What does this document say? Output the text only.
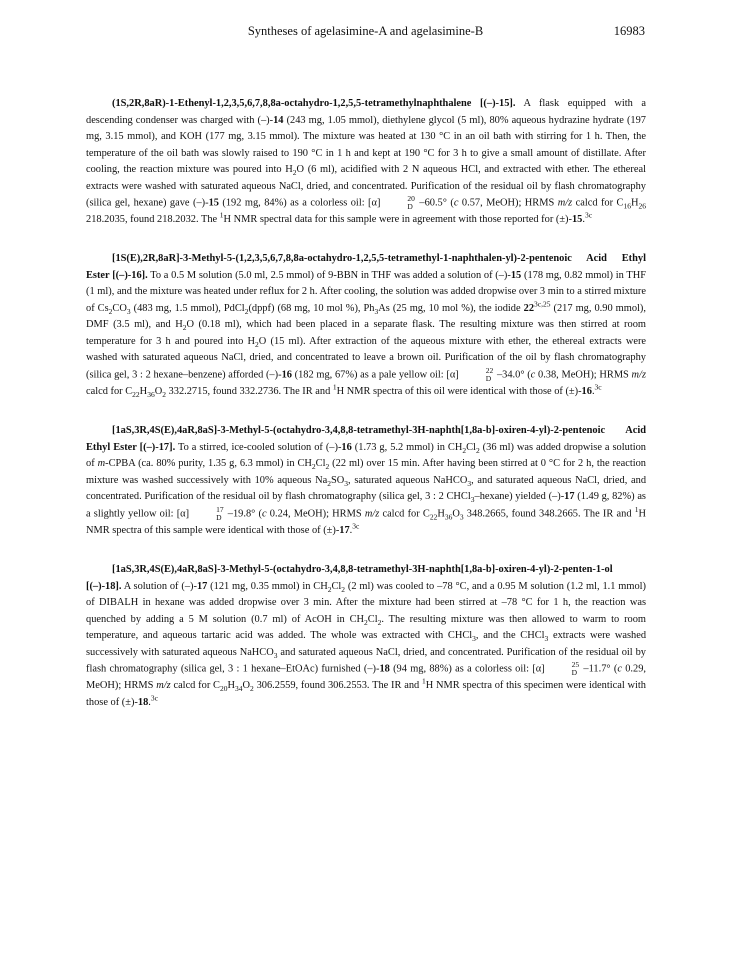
Syntheses of agelasimine-A and agelasimine-B	16983

(1S,2R,8aR)-1-Ethenyl-1,2,3,5,6,7,8,8a-octahydro-1,2,5,5-tetramethylnaphthalene [(–)-15]. A flask equipped with a descending condenser was charged with (–)-14 (243 mg, 1.05 mmol), diethylene glycol (5 ml), 80% aqueous hydrazine hydrate (197 mg, 3.15 mmol), and KOH (177 mg, 3.15 mmol). The mixture was heated at 130 °C in an oil bath with stirring for 1 h. Then, the temperature of the oil bath was slowly raised to 190 °C in 1 h and kept at 190 °C for 3 h to give a small amount of distillate. After cooling, the reaction mixture was poured into $H_2O$ (6 ml), acidified with 2 N aqueous HCl, and extracted with ether. The ethereal extracts were washed with saturated aqueous NaCl, dried, and concentrated. Purification of the residual oil by flash chromatography (silica gel, hexane) gave (–)-15 (192 mg, 84%) as a colorless oil: [α]	20
D –60.5° (c 0.57, MeOH); HRMS m/z calcd for $C_{16}H_{26}$ 218.2035, found 218.2032. The $^1$H NMR spectral data for this sample were in agreement with those reported for (±)-15.$^{3c}$

[1S(E),2R,8aR]-3-Methyl-5-(1,2,3,5,6,7,8,8a-octahydro-1,2,5,5-tetramethyl-1-naphthalen-yl)-2-pentenoic Acid Ethyl Ester [(–)-16]. To a 0.5 M solution (5.0 ml, 2.5 mmol) of 9-BBN in THF was added a solution of (–)-15 (178 mg, 0.82 mmol) in THF (1 ml), and the mixture was heated under reflux for 2 h. After cooling, the solution was added dropwise over 3 min to a stirred mixture of $Cs_2CO_3$ (483 mg, 1.5 mmol), PdCl$_2$(dppf) (68 mg, 10 mol %), $Ph_3As$ (25 mg, 10 mol %), the iodide $22^{3c,25}$ (217 mg, 0.90 mmol), DMF (3.5 ml), and $H_2O$ (0.18 ml), which had been placed in a separate flask. The resulting mixture was then stirred at room temperature for 3 h and poured into $H_2O$ (15 ml). After extraction of the aqueous mixture with ether, the ethereal extracts were washed with saturated aqueous NaCl, dried, and concentrated to leave a brown oil. Purification of the oil by flash chromatography (silica gel, 3 : 2 hexane–benzene) afforded (–)-16 (182 mg, 67%) as a pale yellow oil: [α]	22
D –34.0° (c 0.38, MeOH); HRMS m/z calcd for $C_{22}H_{36}O_2$ 332.2715, found 332.2736. The IR and $^1$H NMR spectra of this oil were identical with those of (±)-16.$^{3c}$

[1aS,3R,4S(E),4aR,8aS]-3-Methyl-5-(octahydro-3,4,8,8-tetramethyl-3H-naphth[1,8a-b]-oxiren-4-yl)-2-pentenoic Acid Ethyl Ester [(–)-17]. To a stirred, ice-cooled solution of (–)-16 (1.73 g, 5.2 mmol) in $CH_2Cl_2$ (36 ml) was added dropwise a solution of m-CPBA (ca. 80% purity, 1.35 g, 6.3 mmol) in $CH_2Cl_2$ (22 ml) over 15 min. After having been stirred at 0 °C for 2 h, the reaction mixture was washed successively with 10% aqueous $Na_2SO_3$, saturated aqueous NaHCO$_3$, and saturated aqueous NaCl, dried, and concentrated. Purification of the residual oil by flash chromatography (silica gel, 3 : 2 CHCl$_3$–hexane) yielded (–)-17 (1.49 g, 82%) as a slightly yellow oil: [α]	17
D –19.8° (c 0.24, MeOH); HRMS m/z calcd for $C_{22}H_{36}O_3$ 348.2665, found 348.2665. The IR and $^1$H NMR spectra of this sample were identical with those of (±)-17.$^{3c}$

[1aS,3R,4S(E),4aR,8aS]-3-Methyl-5-(octahydro-3,4,8,8-tetramethyl-3H-naphth[1,8a-b]-oxiren-4-yl)-2-penten-1-ol [(–)-18]. A solution of (–)-17 (121 mg, 0.35 mmol) in $CH_2Cl_2$ (2 ml) was cooled to –78 °C, and a 0.95 M solution (1.2 ml, 1.1 mmol) of DIBALH in hexane was added dropwise over 3 min. After the mixture had been stirred at –78 °C for 1 h, the reaction was quenched by adding a 5 M solution (0.7 ml) of AcOH in $CH_2Cl_2$. The resulting mixture was then allowed to warm to room temperature, and aqueous tartaric acid was added. The whole was extracted with CHCl$_3$, and the CHCl$_3$ extracts were washed successively with saturated aqueous NaHCO$_3$ and saturated aqueous NaCl, dried, and concentrated. Purification of the residual oil by flash chromatography (silica gel, 3 : 1 hexane–EtOAc) furnished (–)-18 (94 mg, 88%) as a colorless oil: [α]	25
D –11.7° (c 0.29, MeOH); HRMS m/z calcd for $C_{20}H_{34}O_2$ 306.2559, found 306.2553. The IR and $^1$H NMR spectra of this specimen were identical with those of (±)-18.$^{3c}$
